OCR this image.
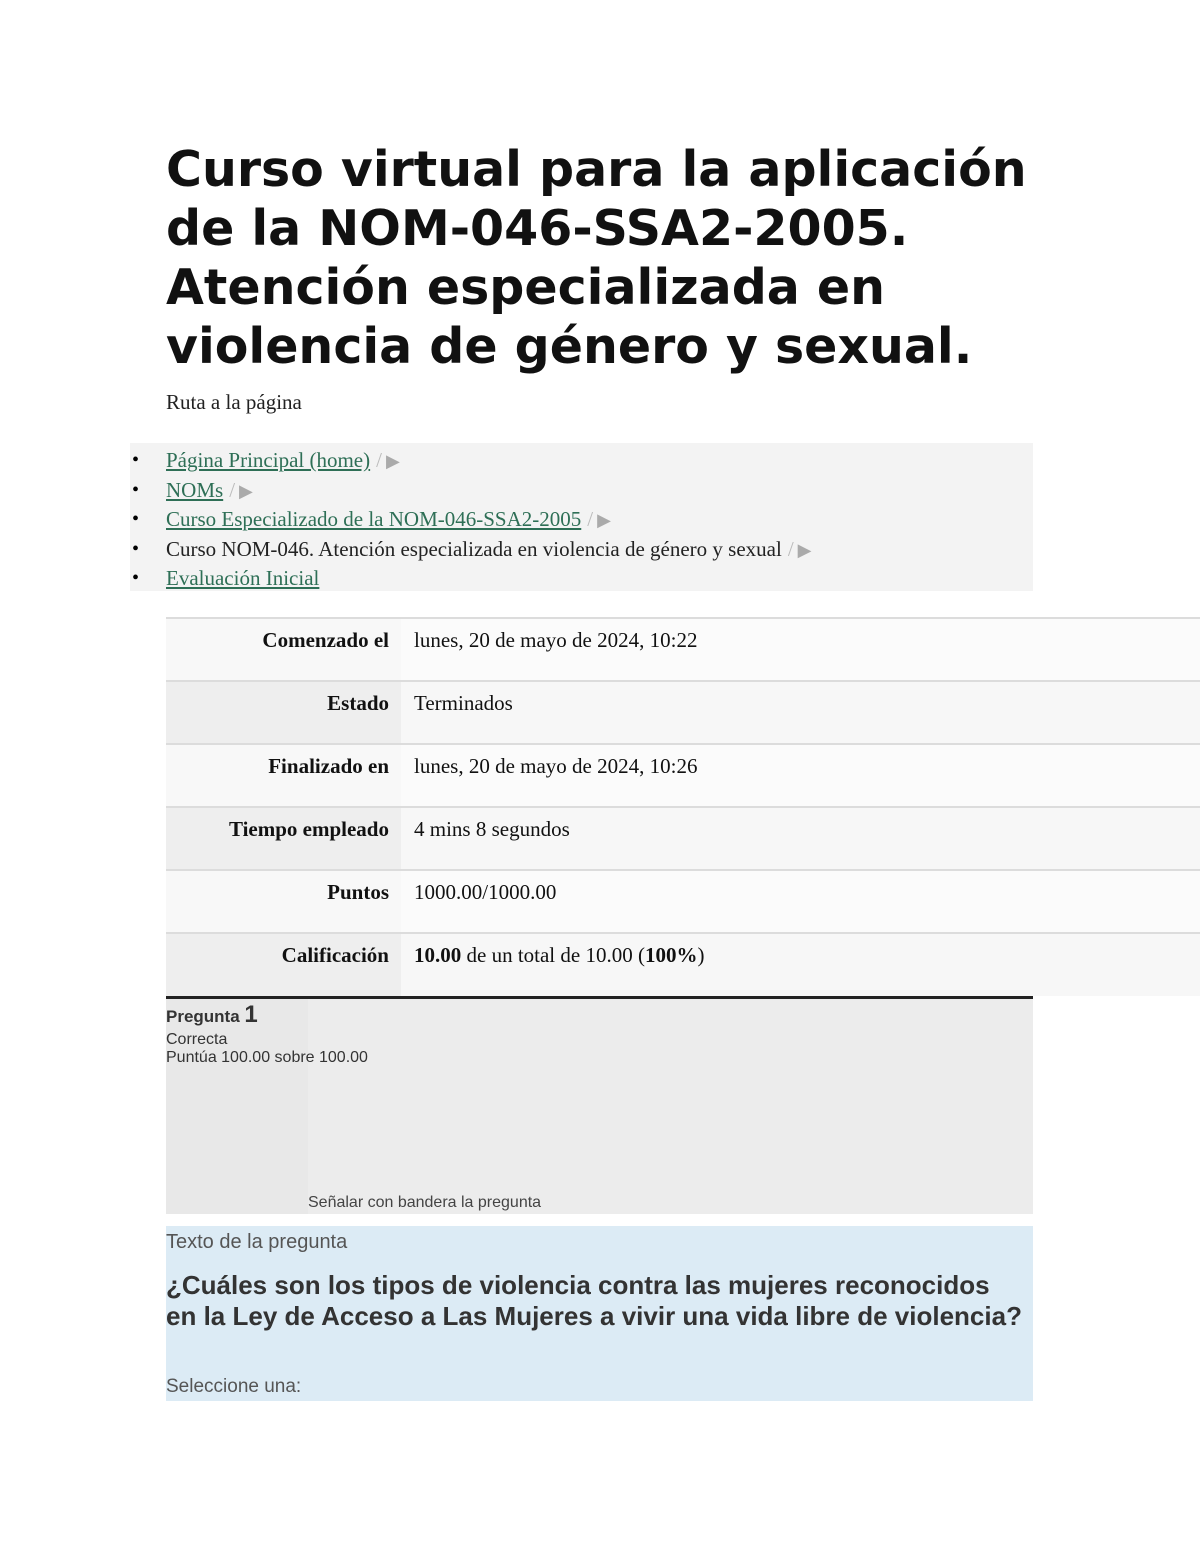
Curso virtual para la aplicación de la NOM-046-SSA2-2005. Atención especializada en violencia de género y sexual.
Ruta a la página
• Página Principal (home) / ▶
• NOMs / ▶
• Curso Especializado de la NOM-046-SSA2-2005 / ▶
• Curso NOM-046. Atención especializada en violencia de género y sexual / ▶
• Evaluación Inicial
Comenzado el	lunes, 20 de mayo de 2024, 10:22
Estado	Terminados
Finalizado en	lunes, 20 de mayo de 2024, 10:26
Tiempo empleado	4 mins 8 segundos
Puntos	1000.00/1000.00
Calificación	10.00 de un total de 10.00 (100%)
Pregunta 1
Correcta
Puntúa 100.00 sobre 100.00
Señalar con bandera la pregunta
Texto de la pregunta
¿Cuáles son los tipos de violencia contra las mujeres reconocidos en la Ley de Acceso a Las Mujeres a vivir una vida libre de violencia?
Seleccione una:
